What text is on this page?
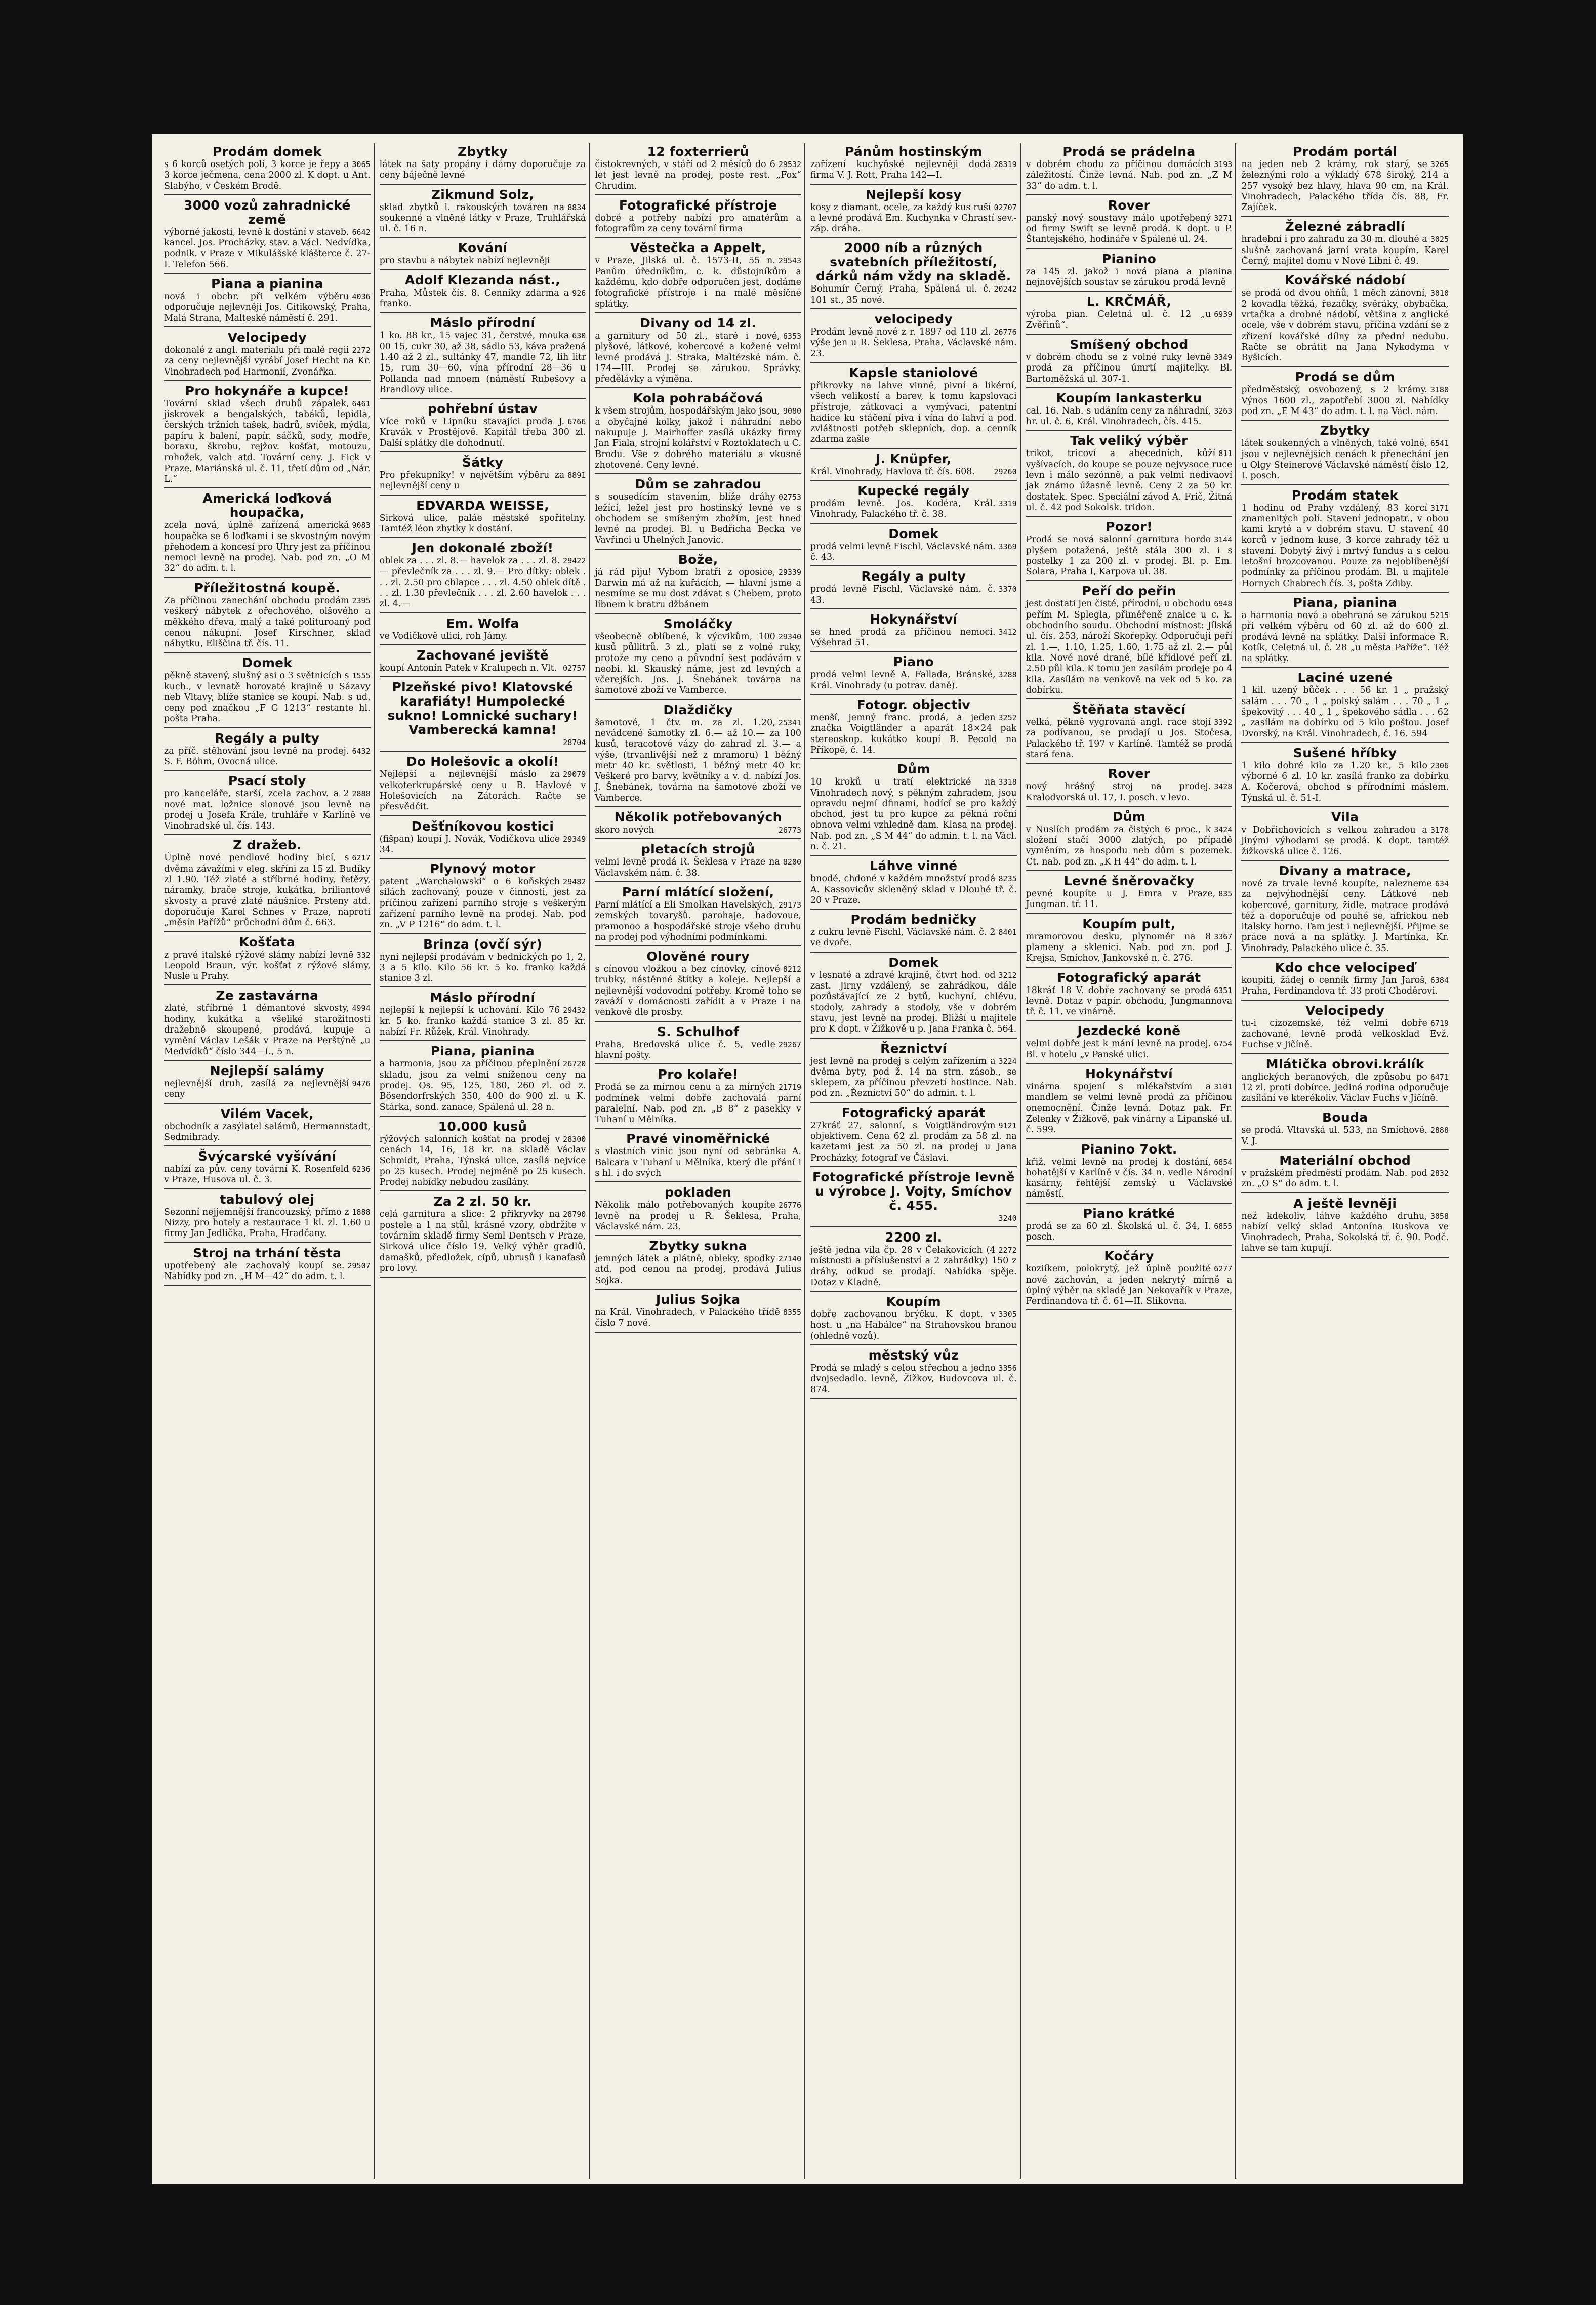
Prodám domek
3065
s 6 korců osetých polí, 3 korce je řepy a 3 korce ječmena, cena 2000 zl. K dopt. u Ant. Slabýho, v Českém Brodě.
3000 vozů zahradnické země
6642
výborné jakosti, levně k dostání v staveb. kancel. Jos. Procházky, stav. a Václ. Nedvídka, podnik. v Praze v Mikulášské klášterce č. 27-I. Telefon 566.
Piana a pianina
4036
nová i obchr. při velkém výběru odporučuje nejlevněji Jos. Gitikowský, Praha, Malá Strana, Malteské náměstí č. 291.
Velocipedy
2272
dokonalé z angl. materialu při malé regii za ceny nejlevnější vyrábí Josef Hecht na Kr. Vinohradech pod Harmonií, Zvonářka.
Pro hokynáře a kupce!
6461
Tovární sklad všech druhů zápalek, jiskrovek a bengalských, tabáků, lepidla, čerských tržních tašek, hadrů, svíček, mýdla, papíru k balení, papír. sáčků, sody, modře, boraxu, škrobu, rejžov. košťat, motouzu, rohožek, valch atd. Tovární ceny. J. Fick v Praze, Mariánská ul. č. 11, třetí dům od „Nár. L.“
Americká loďková houpačka,
9083
zcela nová, úplně zařízená americká houpačka se 6 loďkami i se skvostným novým přehodem a koncesí pro Uhry jest za příčinou nemoci levně na prodej. Nab. pod zn. „O M 32“ do adm. t. l.
Příležitostná koupě.
2395
Za příčinou zanechání obchodu prodám veškerý nábytek z ořechového, olšového a měkkého dřeva, malý a také polituroaný pod cenou nákupní. Josef Kirschner, sklad nábytku, Eliščina tř. čís. 11.
Domek
1555
pěkně stavený, slušný asi o 3 světnicích s kuch., v levnatě horovaté krajině u Sázavy neb Vltavy, blíže stanice se koupí. Nab. s ud. ceny pod značkou „F G 1213“ restante hl. pošta Praha.
Regály a pulty
6432
za příč. stěhování jsou levně na prodej. S. F. Böhm, Ovocná ulice.
Psací stoly
2888
pro kanceláře, starší, zcela zachov. a 2 nové mat. ložnice slonové jsou levně na prodej u Josefa Krále, truhláře v Karlíně ve Vinohradské ul. čís. 143.
Z dražeb.
6217
Úplně nové pendlové hodiny bicí, s dvěma závažími v eleg. skříni za 15 zl. Budíky zl 1.90. Též zlaté a stříbrné hodiny, řetězy, náramky, brače stroje, kukátka, briliantové skvosty a pravé zlaté náušnice. Prsteny atd. doporučuje Karel Schnes v Praze, naproti „měsín Pařížů“ průchodní dům č. 663.
Košťata
332
z pravé italské rýžové slámy nabízí levně Leopold Braun, výr. košťat z rýžové slámy, Nusle u Prahy.
Ze zastavárna
4994
zlaté, stříbrné 1 démantové skvosty, hodiny, kukátka a všeliké starožitnosti dražebně skoupené, prodává, kupuje a vymění Václav Lešák v Praze na Perštýně „u Medvídků“ číslo 344—I., 5 n.
Nejlepší salámy
9476
nejlevnější druh, zasílá za nejlevnější ceny
Vilém Vacek,
obchodník a zasýlatel salámů, Hermannstadt, Sedmihrady.
Švýcarské vyšívání
6236
nabízí za pův. ceny tovární K. Rosenfeld v Praze, Husova ul. č. 3.
tabulový olej
1888
Sezonní nejjemnější francouzský, přímo z Nizzy, pro hotely a restaurace 1 kl. zl. 1.60 u firmy Jan Jedlička, Praha, Hradčany.
Stroj na trhání těsta
29507
upotřebený ale zachovalý koupí se. Nabídky pod zn. „H M—42“ do adm. t. l.
Zbytky
látek na šaty propány i dámy doporučuje za ceny báječně levné
Zikmund Solz,
8834
sklad zbytků l. rakouských továren na soukenné a vlněné látky v Praze, Truhlářská ul. č. 16 n.
Kování
pro stavbu a nábytek nabízí nejlevněji
Adolf Klezanda nást.,
926
Praha, Můstek čís. 8. Cenníky zdarma a franko.
Máslo přírodní
630
1 ko. 88 kr., 15 vajec 31, čerstvé, mouka 00 15, cukr 30, až 38, sádlo 53, káva pražená 1.40 až 2 zl., sultánky 47, mandle 72, lih litr 15, rum 30—60, vína přírodní 28—36 u Pollanda nad mnoem (náměstí Rubešovy a Brandlovy ulice.
pohřební ústav
6766
Více roků v Lipníku stavajíci proda J. Kravák v Prostějově. Kapitál třeba 300 zl. Další splátky dle dohodnutí.
Šátky
8891
Pro překupníky! v největším výběru za nejlevnější ceny u
EDVARDA WEISSE,
Sirková ulice, paláe městské spořitelny. Tamtéž léon zbytky k dostání.
Jen dokonalé zboží!
29422
oblek za . . . zl. 8.— havelok za . . . zl. 8.— převlečník za . . . zl. 9.— Pro dítky: oblek . . . zl. 2.50 pro chlapce . . . zl. 4.50 oblek dítě . . . zl. 1.30 převlečník . . . zl. 2.60 havelok . . . zl. 4.—
Em. Wolfa
ve Vodičkově ulici, roh Jámy.
Zachované jeviště
02757
koupí Antonín Patek v Kralupech n. Vlt.
Plzeňské pivo! Klatovské karafiáty! Humpolecké sukno! Lomnické suchary! Vamberecká kamna!
28704
Do Holešovic a okolí!
29079
Nejlepší a nejlevnější máslo za velkoterkrupárské ceny u B. Havlové v Holešovicích na Zátorách. Račte se přesvědčit.
Dešťníkovou kostici
29349
(fišpan) koupí J. Novák, Vodičkova ulice 34.
Plynový motor
29482
patent „Warchalowski“ o 6 koňských silách zachovaný, pouze v činnosti, jest za příčinou zařízení parního stroje s veškerým zařízení parního levně na prodej. Nab. pod zn. „V P 1216“ do adm. t. l.
Brinza (ovčí sýr)
nyní nejlepší prodávám v bednických po 1, 2, 3 a 5 kilo. Kilo 56 kr. 5 ko. franko každá stanice 3 zl.
Máslo přírodní
29432
nejlepší k nejlepší k uchování. Kilo 76 kr. 5 ko. franko každá stanice 3 zl. 85 kr. nabízí Fr. Růžek, Král. Vinohrady.
Piana, pianina
26720
a harmonia, jsou za příčinou přeplnění skladu, jsou za velmi sníženou ceny na prodej. Os. 95, 125, 180, 260 zl. od z. Bösendorfrských 350, 400 do 900 zl. u K. Stárka, sond. zanace, Spálená ul. 28 n.
10.000 kusů
28300
rýžových salonních košťat na prodej v cenách 14, 16, 18 kr. na skladě Václav Schmidt, Praha, Týnská ulice, zasílá nejvíce po 25 kusech. Prodej nejméně po 25 kusech. Prodej nabídky nebudou zasílány.
Za 2 zl. 50 kr.
28790
celá garnitura a slice: 2 přikryvky na postele a 1 na stůl, krásné vzory, obdržíte v továrním skladě firmy Seml Dentsch v Praze, Sirková ulice číslo 19. Velký výběr gradlů, damašků, předložek, cípů, ubrusů i kanafasů pro lovy.
12 foxterrierů
29532
čistokrevných, v stáří od 2 měsíců do 6 let jest levně na prodej, poste rest. „Fox“ Chrudim.
Fotografické přístroje
dobré a potřeby nabízí pro amatérům a fotografům za ceny tovární firma
Věstečka a Appelt,
29543
v Praze, Jilská ul. č. 1573-II, 55 n. Panům úředníkům, c. k. důstojníkům a každému, kdo dobře odporučen jest, dodáme fotografické přístroje i na malé měsíčné splátky.
Divany od 14 zl.
6353
a garnitury od 50 zl., staré i nové, plyšové, látkové, kobercové a kožené velmi levné prodává J. Straka, Maltézské nám. č. 174—III. Prodej se zárukou. Správky, předělávky a výměna.
Kola pohrabáčová
9080
k všem strojům, hospodářským jako jsou, a obyčajné kolky, jakož i náhradní nebo nakupuje J. Mairhoffer zasílá ukázky firmy Jan Fiala, strojní kolářství v Roztoklatech u C. Brodu. Vše z dobrého materiálu a vkusně zhotovené. Ceny levné.
Dům se zahradou
02753
s sousedícím stavením, blíže dráhy ležící, ležel jest pro hostinský levné ve s obchodem se smíšeným zbožím, jest hned levné na prodej. Bl. u Bedřicha Becka ve Vavřinci u Uhelných Janovic.
Bože,
29339
já rád piju! Vybom bratři z oposice, Darwin má až na kuřácích, — hlavní jsme a nesmíme se mu dost zdávat s Chebem, proto líbnem k bratru džbánem
Smoláčky
29340
všeobecně oblíbené, k výcvikům, 100 kusů půllitrů. 3 zl., platí se z volné ruky, protože my ceno a původní šest podávám v neobi. kl. Skauský náme, jest zd levných a včerejších. Jos. J. Šnebánek továrna na šamotové zboží ve Vamberce.
Dlaždičky
25341
šamotové, 1 čtv. m. za zl. 1.20, nevádcené šamotky zl. 6.— až 10.— za 100 kusů, teracotové vázy do zahrad zl. 3.— a výše, (trvanlivější než z mramoru) 1 běžný metr 40 kr. světlosti, 1 běžný metr 40 kr. Veškeré pro barvy, květníky a v. d. nabízí Jos. J. Šnebánek, továrna na šamotové zboží ve Vamberce.
Několik potřebovaných
26773
skoro nových
pletacích strojů
8200
velmi levně prodá R. Šeklesa v Praze na Václavském nám. č. 38.
Parní mlátící složení,
29173
Parní mlátící a Eli Smolkan Havelských, zemských tovaryšů. parohaje, hadovoue, pramonoo a hospodářské stroje všeho druhu na prodej pod výhodními podmínkami.
Olověné roury
8212
s cínovou vložkou a bez cínovky, cínové trubky, nástěnné štítky a koleje. Nejlepší a nejlevnější vodovodní potřeby. Kromě toho se zaváží v domácnosti zařídit a v Praze i na venkově dle prosby.
S. Schulhof
29267
Praha, Bredovská ulice č. 5, vedle hlavní pošty.
Pro kolaře!
21719
Prodá se za mírnou cenu a za mírných podmínek velmi dobře zachovalá parní paralelní. Nab. pod zn. „B 8“ z pasekky v Tuhaní u Mělníka.
Pravé vinoměřnické
s vlastních vinic jsou nyní od sebránka A. Balcara v Tuhaní u Mělníka, který dle přání i s hl. i do svých
pokladen
26776
Několik málo potřebovaných koupíte levně na prodej u R. Šeklesa, Praha, Václavské nám. 23.
Zbytky sukna
27140
jemných látek a plátně, obleky, spodky atd. pod cenou na prodej, prodává Julius Sojka.
Julius Sojka
8355
na Král. Vinohradech, v Palackého třídě číslo 7 nové.
Pánům hostinským
28319
zařízení kuchyňské nejlevněji dodá firma V. J. Rott, Praha 142—I.
Nejlepší kosy
02707
kosy z diamant. ocele, za každý kus ruší a levné prodává Em. Kuchynka v Chrastí sev.-záp. dráha.
2000 níb a různých svatebních příležitostí, dárků nám vždy na skladě.
20242
Bohumír Černý, Praha, Spálená ul. č. 101 st., 35 nové.
velocipedy
26776
Prodám levně nové z r. 1897 od 110 zl. výše jen u R. Šeklesa, Praha, Václavské nám. 23.
Kapsle staniolové
přikrovky na lahve vinné, pivní a likérní, všech velikostí a barev, k tomu kapslovaci přístroje, zátkovaci a vymývaci, patentní hadice ku stáčení piva i vína do lahví a pod. zvláštnosti potřeb sklepních, dop. a cenník zdarma zašle
J. Knüpfer,
29260
Král. Vinohrady, Havlova tř. čís. 608.
Kupecké regály
3319
prodám levně. Jos. Kodéra, Král. Vinohrady, Palackého tř. č. 38.
Domek
3369
prodá velmi levně Fischl, Václavské nám. č. 43.
Regály a pulty
3370
prodá levně Fischl, Václavské nám. č. 43.
Hokynářství
3412
se hned prodá za příčinou nemoci. Výšehrad 51.
Piano
3288
prodá velmi levně A. Fallada, Bránské, Král. Vinohrady (u potrav. daně).
Fotogr. objectiv
3252
menší, jemný franc. prodá, a jeden značka Voigtländer a aparát 18×24 pak stereoskop. kukátko koupí B. Pecold na Příkopě, č. 14.
Dům
3318
10 kroků u tratí elektrické na Vinohradech nový, s pěkným zahradem, jsou opravdu nejmí dfinami, hodící se pro každý obchod, jest tu pro kupce za pěkná roční obnova velmi vzhledně dam. Klasa na prodej. Nab. pod zn. „S M 44“ do admin. t. l. na Václ. n. č. 21.
Láhve vinné
8235
bnodé, chdoné v každém množství prodá A. Kassovicův skleněný sklad v Dlouhé tř. č. 20 v Praze.
Prodám bedničky
8401
z cukru levně Fischl, Václavské nám. č. 2 ve dvoře.
Domek
3212
v lesnaté a zdravé krajině, čtvrt hod. od zast. Jirny vzdálený, se zahrádkou, dále pozůstávající ze 2 bytů, kuchyní, chlévu, stodoly, zahrady a stodoly, vše v dobrém stavu, jest levně na prodej. Bližší u majitele pro K dopt. v Žižkově u p. Jana Franka č. 564.
Řeznictví
3224
jest levně na prodej s celým zařízením a dvěma byty, pod ž. 14 na strn. zásob., se sklepem, za příčinou převzetí hostince. Nab. pod zn. „Řeznictví 50“ do admin. t. l.
Fotografický aparát
9121
27kráť 27, salonní, s Voigtländrovým objektivem. Cena 62 zl. prodám za 58 zl. na kazetami jest za 50 zl. na prodej u Jana Procházky, fotograf ve Čáslavi.
Fotografické přístroje levně u výrobce J. Vojty, Smíchov č. 455.
3240
2200 zl.
2272
ještě jedna vila čp. 28 v Čelakovicích (4 místnosti a příslušenství a 2 zahrádky) 150 z dráhy, odkud se prodají. Nabídka spěje. Dotaz v Kladně.
Koupím
3305
dobře zachovanou brýčku. K dopt. v host. u „na Habálce“ na Strahovskou branou (ohledně vozů).
městský vůz
3356
Prodá se mladý s celou střechou a jedno dvojsedadlo. levně, Žižkov, Budovcova ul. č. 874.
Prodá se prádelna
3193
v dobrém chodu za příčinou domácích záležitostí. Činže levná. Nab. pod zn. „Z M 33“ do adm. t. l.
Rover
3271
panský nový soustavy málo upotřebený od firmy Swift se levně prodá. K dopt. u P. Štantejského, hodináře v Spálené ul. 24.
Pianino
za 145 zl. jakož i nová piana a pianina nejnovějších soustav se zárukou prodá levně
L. KRČMÁŘ,
6939
výroba pian. Celetná ul. č. 12 „u Zvěřinů“.
Smíšený obchod
3349
v dobrém chodu se z volné ruky levně prodá za příčinou úmrtí majitelky. Bl. Bartoměžská ul. 307-1.
Koupím lankasterku
3263
cal. 16. Nab. s udáním ceny za náhradní, hr. ul. č. 6, Král. Vinohradech, čís. 415.
Tak veliký výběr
811
trikot, tricoví a abecedních, kůží vyšívacích, do koupe se pouze nejvysoce ruce levn i málo sezónně, a pak velmi nedivaoví jak známo úžasně levně. Ceny 2 za 50 kr. dostatek. Spec. Speciální závod A. Frič, Žitná ul. č. 42 pod Sokolsk. tridon.
Pozor!
3144
Prodá se nová salonní garnitura hordo plyšem potažená, ještě stála 300 zl. i s postelky 1 za 200 zl. v prodej. Bl. p. Em. Solara, Praha I, Karpova ul. 38.
Peří do peřin
6948
jest dostati jen čisté, přírodní, u obchodu peřím M. Splegla, přiměřeně znalce u c. k. obchodního soudu. Obchodní místnost: Jílská ul. čís. 253, nároží Skořepky. Odporučuji peří zl. 1.—, 1.10, 1.25, 1.60, 1.75 až zl. 2.— půl kila. Nové nové drané, bílé křídlové peří zl. 2.50 půl kila. K tomu jen zasílám prodeje po 4 kila. Zasílám na venkově na vek od 5 ko. za dobírku.
Štěňata stavěcí
3392
velká, pěkně vygrovaná angl. race stojí za podívanou, se prodají u Jos. Stočesa, Palackého tř. 197 v Karlíně. Tamtéž se prodá stará fena.
Rover
3428
nový hrášný stroj na prodej. Kralodvorská ul. 17, I. posch. v levo.
Dům
3424
v Nuslích prodám za čistých 6 proc., k složení stačí 3000 zlatých, po případě vyměním, za hospodu neb dům s pozemek. Ct. nab. pod zn. „K H 44“ do adm. t. l.
Levné šněrovačky
835
pevné koupíte u J. Emra v Praze, Jungman. tř. 11.
Koupím pult,
3367
mramorovou desku, plynoměr na 8 plameny a sklenici. Nab. pod zn. pod J. Krejsa, Smíchov, Jankovské n. č. 276.
Fotografický aparát
6351
18kráť 18 V. dobře zachovaný se prodá levně. Dotaz v papír. obchodu, Jungmannova tř. č. 11, ve vinárně.
Jezdecké koně
6754
velmi dobře jest k mání levně na prodej. Bl. v hotelu „v Panské ulici.
Hokynářství
3101
vinárna spojení s mlékařstvím a mandlem se velmi levně prodá za příčinou onemocnění. Činže levná. Dotaz pak. Fr. Zelenky v Žižkově, pak vinárny a Lipanské ul. č. 599.
Pianino 7okt.
6854
křiž. velmi levně na prodej k dostání, bohatější v Karlíně v čís. 34 n. vedle Národní kasárny, řehtější zemský u Václavské náměstí.
Piano krátké
6855
prodá se za 60 zl. Školská ul. č. 34, I. posch.
Kočáry
6277
koziíkem, polokrytý, jež úplně použité nové zachován, a jeden nekrytý mírně a úplný výběr na skladě Jan Nekovařík v Praze, Ferdinandova tř. č. 61—II. Slikovna.
Prodám portál
3265
na jeden neb 2 krámy, rok starý, se železnými rolo a výkladý 678 široký, 214 a 257 vysoký bez hlavy, hlava 90 cm, na Král. Vinohradech, Palackého třída čís. 88, Fr. Zajíček.
Železné zábradlí
3025
hradební i pro zahradu za 30 m. dlouhé a slušně zachovaná jarní vrata koupím. Karel Černý, majitel domu v Nové Libni č. 49.
Kovářské nádobí
3010
se prodá od dvou ohňů, 1 měch zánovní, 2 kovadla těžká, řezačky, svěráky, obybačka, vrtačka a drobné nádobí, většina z anglické ocele, vše v dobrém stavu, příčina vzdání se z zřizení kovářské dílny za přední nedubu. Račte se obrátit na Jana Nykodyma v Byšicích.
Prodá se dům
3180
předměstský, osvobozený, s 2 krámy. Výnos 1600 zl., zapotřebí 3000 zl. Nabídky pod zn. „E M 43“ do adm. t. l. na Václ. nám.
Zbytky
6541
látek soukenných a vlněných, také volné, jsou v nejlevnějších cenách k přenechání jen u Olgy Steinerové Václavské náměstí číslo 12, I. posch.
Prodám statek
3171
1 hodinu od Prahy vzdálený, 83 korcí znamenitých polí. Stavení jednopatr., v obou kami kryté a v dobrém stavu. U stavení 40 korců v jednom kuse, 3 korce zahrady též u stavení. Dobytý živý i mrtvý fundus a s celou letošní hrozcovanou. Pouze za nejoblíbenější podmínky za příčinou prodám. Bl. u majitele Hornych Chabrech čís. 3, pošta Zdiby.
Piana, pianina
5215
a harmonia nová a obehraná se zárukou při velkém výběru od 60 zl. až do 600 zl. prodává levně na splátky. Další informace R. Kotík, Celetná ul. č. 28 „u města Paříže“. Též na splátky.
Laciné uzené
1 kil. uzený bůček . . . 56 kr. 1 „ pražský salám . . . 70 „ 1 „ polský salám . . . 70 „ 1 „ špekovitý . . . 40 „ 1 „ špekového sádla . . . 62 „ zasílám na dobírku od 5 kilo poštou. Josef Dvorský, na Král. Vinohradech, č. 16. 594
Sušené hříbky
2306
1 kilo dobré kilo za 1.20 kr., 5 kilo výborné 6 zl. 10 kr. zasílá franko za dobírku A. Kočerová, obchod s přírodními máslem. Týnská ul. č. 51-I.
Vila
3170
v Dobřichovicích s velkou zahradou a jinými výhodami se prodá. K dopt. tamtéž žižkovská ulice č. 126.
Divany a matrace,
634
nové za trvale levné koupíte, nalezneme za nejvýhodnější ceny. Látkové neb kobercové, garnitury, židle, matrace prodává též a doporučuje od pouhé se, africkou neb italsky horno. Tam jest i nejlevnější. Přijme se práce nová a na splátky. J. Martínka, Kr. Vinohrady, Palackého ulice č. 35.
Kdo chce velocipeď
6384
koupiti, žádej o cenník firmy Jan Jaroš, Praha, Ferdinandova tř. 33 proti Choděrovi.
Velocipedy
6719
tu-i cizozemské, též velmi dobře zachované, levně prodá velkosklad Evž. Fuchse v Jičíně.
Mlátička obrovi.králík
6471
anglických beranových, dle způsobu po 12 zl. proti dobírce. Jediná rodina odporučuje zasílání ve kterékoliv. Václav Fuchs v Jičíně.
Bouda
2888
se prodá. Vltavská ul. 533, na Smíchově. V. J.
Materiální obchod
2832
v pražském předměstí prodám. Nab. pod zn. „O S“ do adm. t. l.
A ještě levněji
3058
než kdekoliv, láhve každého druhu, nabízí velký sklad Antonína Ruskova ve Vinohradech, Praha, Sokolská tř. č. 90. Podč. lahve se tam kupují.
